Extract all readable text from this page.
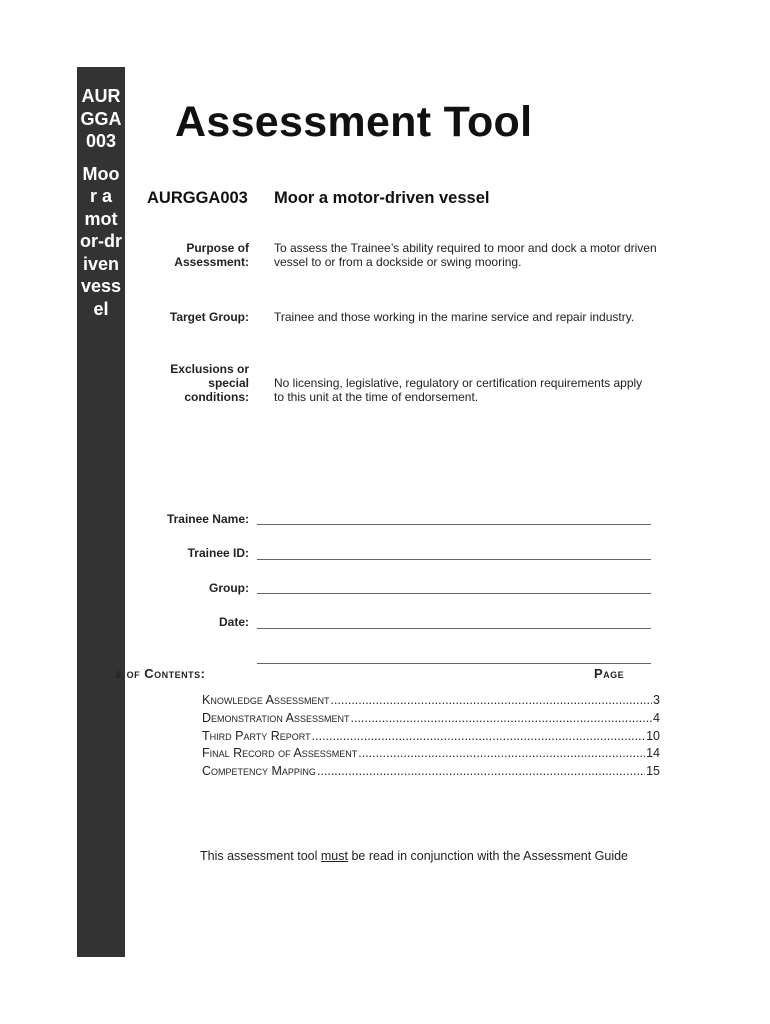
AURGGA003
Moor a motor-driven vessel
Assessment Tool
AURGGA003 Moor a motor-driven vessel
Purpose of
Assessment:
To assess the Trainee’s ability required to moor and dock a motor driven vessel to or from a dockside or swing mooring.
Target Group: Trainee and those working in the marine service and repair industry.
Exclusions or
special
conditions:
No licensing, legislative, regulatory or certification requirements apply to this unit at the time of endorsement.
Trainee Name:
Trainee ID:
Group:
Date:
e of Contents:	Page
Knowledge Assessment .....	3
Demonstration Assessment .....	4
Third Party Report .....	10
Final Record of Assessment .....	14
Competency Mapping .....	15
This assessment tool must be read in conjunction with the Assessment Guide
